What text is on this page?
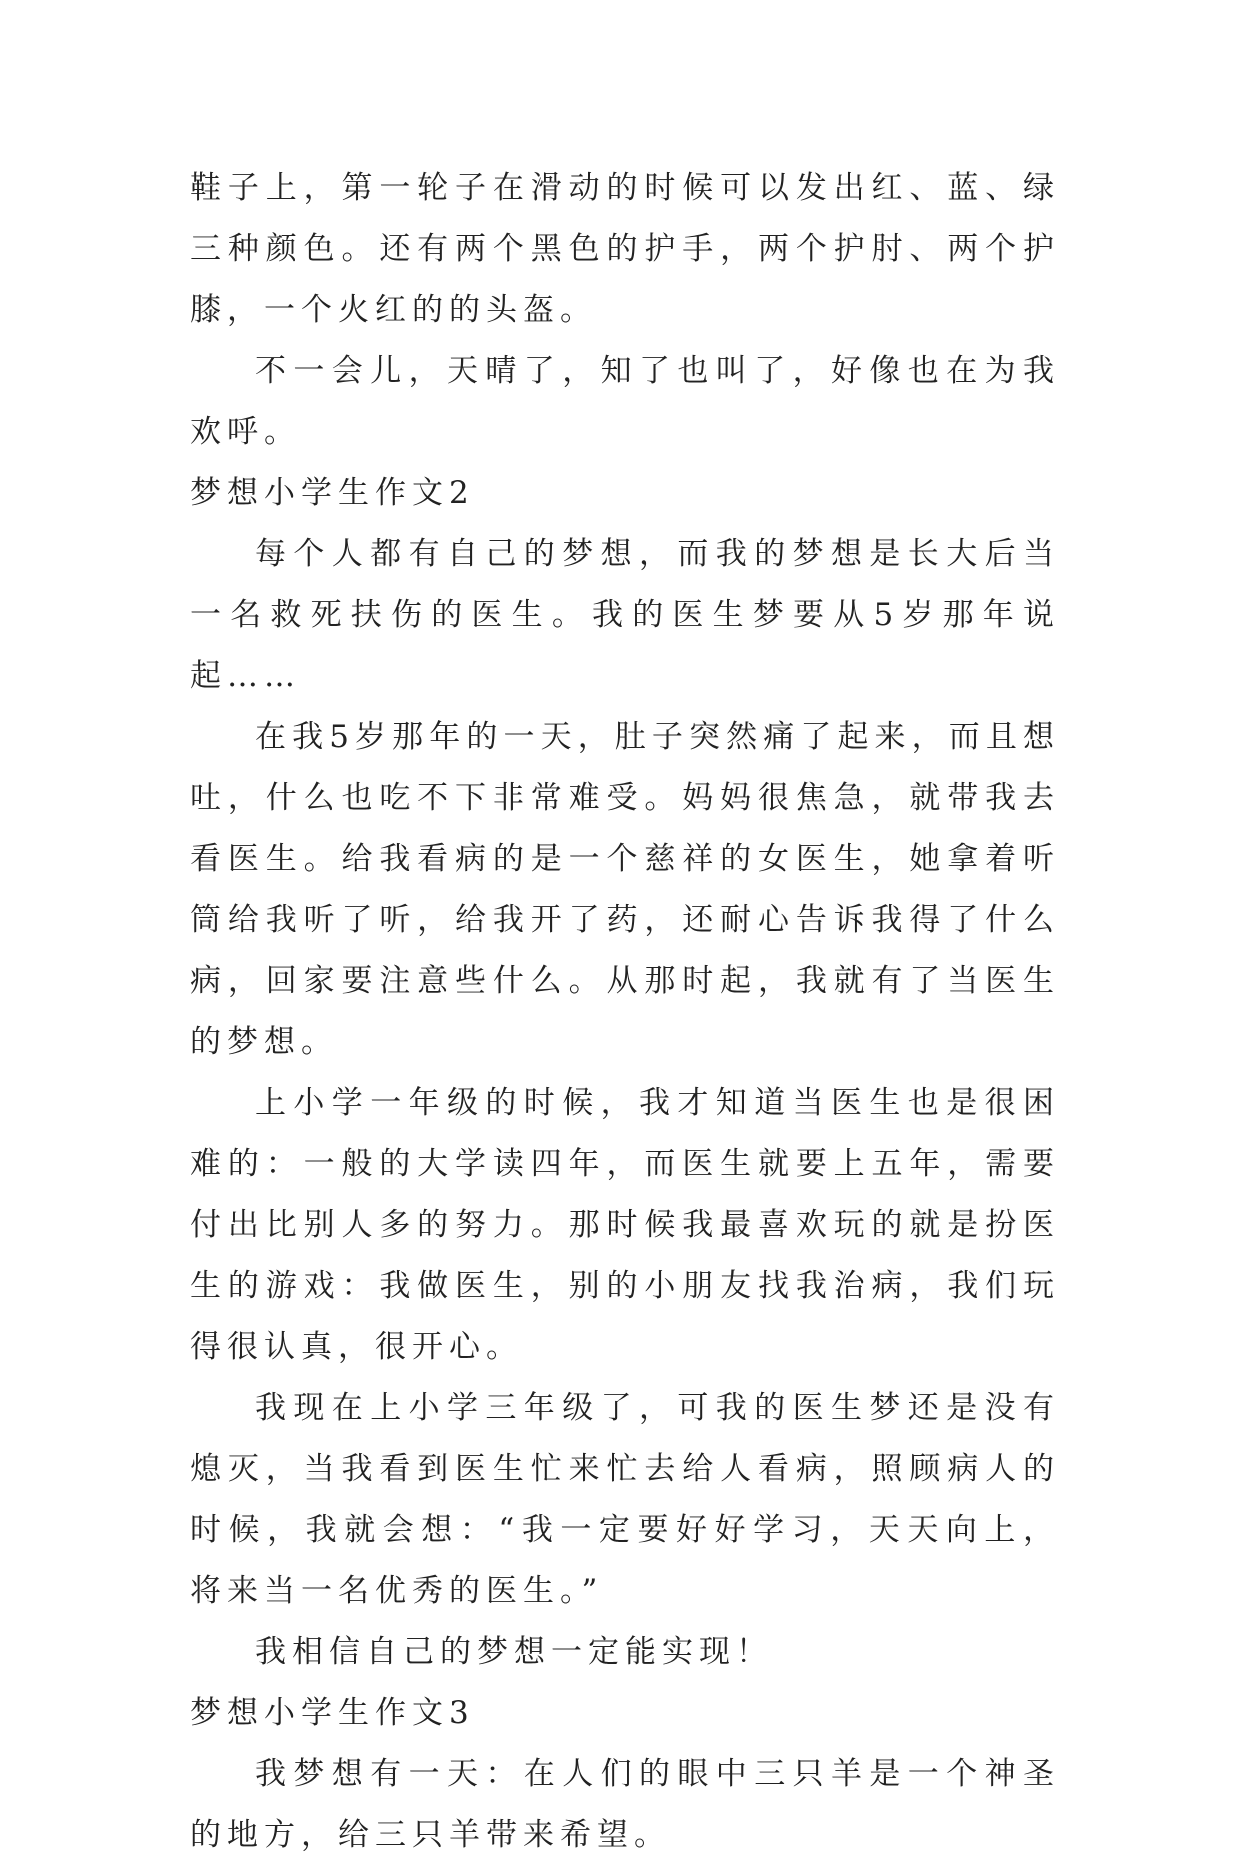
鞋子上，第一轮子在滑动的时候可以发出红、蓝、绿三种颜色。还有两个黑色的护手，两个护肘、两个护膝，一个火红的的头盔。

不一会儿，天晴了，知了也叫了，好像也在为我欢呼。

梦想小学生作文2

每个人都有自己的梦想，而我的梦想是长大后当一名救死扶伤的医生。我的医生梦要从5岁那年说起……

在我5岁那年的一天，肚子突然痛了起来，而且想吐，什么也吃不下非常难受。妈妈很焦急，就带我去看医生。给我看病的是一个慈祥的女医生，她拿着听筒给我听了听，给我开了药，还耐心告诉我得了什么病，回家要注意些什么。从那时起，我就有了当医生的梦想。

上小学一年级的时候，我才知道当医生也是很困难的：一般的大学读四年，而医生就要上五年，需要付出比别人多的努力。那时候我最喜欢玩的就是扮医生的游戏：我做医生，别的小朋友找我治病，我们玩得很认真，很开心。

我现在上小学三年级了，可我的医生梦还是没有熄灭，当我看到医生忙来忙去给人看病，照顾病人的时候，我就会想：“我一定要好好学习，天天向上，将来当一名优秀的医生。”

我相信自己的梦想一定能实现！

梦想小学生作文3

我梦想有一天：在人们的眼中三只羊是一个神圣的地方，给三只羊带来希望。
